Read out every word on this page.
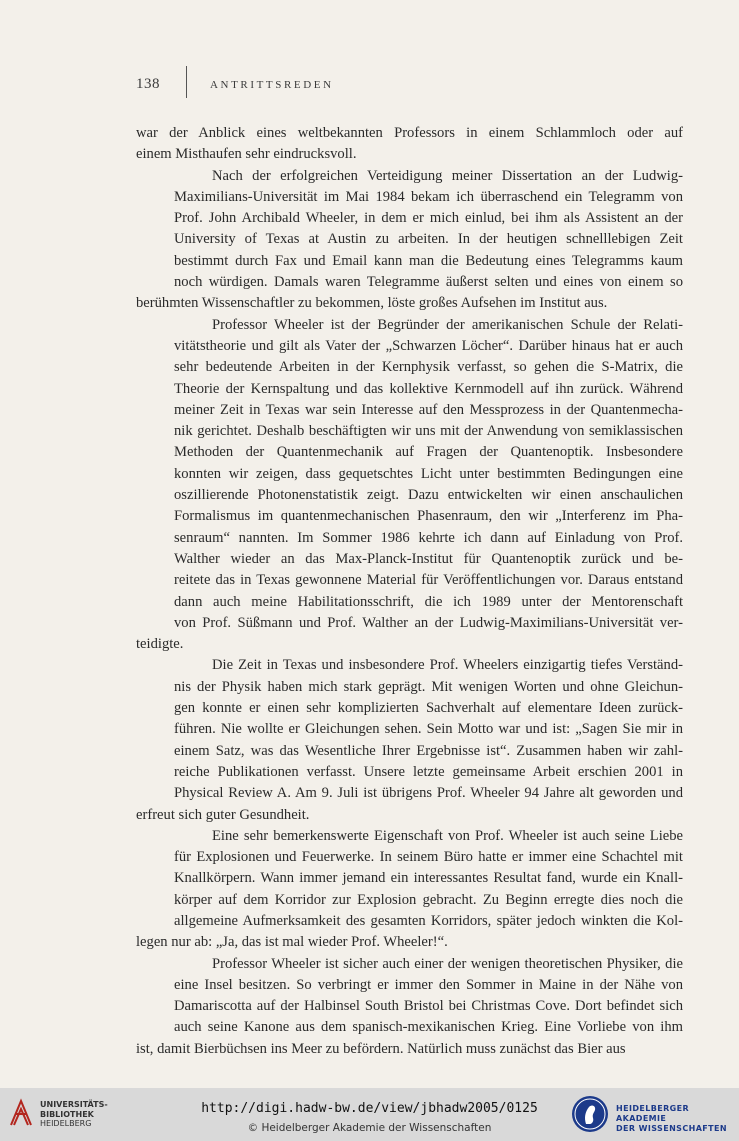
138	ANTRITTSREDEN

war der Anblick eines weltbekannten Professors in einem Schlammloch oder auf
einem Misthaufen sehr eindrucksvoll.

Nach der erfolgreichen Verteidigung meiner Dissertation an der Ludwig-
Maximilians-Universität im Mai 1984 bekam ich überraschend ein Telegramm von
Prof. John Archibald Wheeler, in dem er mich einlud, bei ihm als Assistent an der
University of Texas at Austin zu arbeiten. In der heutigen schnelllebigen Zeit
bestimmt durch Fax und Email kann man die Bedeutung eines Telegramms kaum
noch würdigen. Damals waren Telegramme äußerst selten und eines von einem so
berühmten Wissenschaftler zu bekommen, löste großes Aufsehen im Institut aus.

Professor Wheeler ist der Begründer der amerikanischen Schule der Relati-
vitätstheorie und gilt als Vater der „Schwarzen Löcher“. Darüber hinaus hat er auch
sehr bedeutende Arbeiten in der Kernphysik verfasst, so gehen die S-Matrix, die
Theorie der Kernspaltung und das kollektive Kernmodell auf ihn zurück. Während
meiner Zeit in Texas war sein Interesse auf den Messprozess in der Quantenmecha-
nik gerichtet. Deshalb beschäftigten wir uns mit der Anwendung von semiklassischen
Methoden der Quantenmechanik auf Fragen der Quantenoptik. Insbesondere
konnten wir zeigen, dass gequetschtes Licht unter bestimmten Bedingungen eine
oszillierende Photonenstatistik zeigt. Dazu entwickelten wir einen anschaulichen
Formalismus im quantenmechanischen Phasenraum, den wir „Interferenz im Pha-
senraum“ nannten. Im Sommer 1986 kehrte ich dann auf Einladung von Prof.
Walther wieder an das Max-Planck-Institut für Quantenoptik zurück und be-
reitete das in Texas gewonnene Material für Veröffentlichungen vor. Daraus entstand
dann auch meine Habilitationsschrift, die ich 1989 unter der Mentorenschaft
von Prof. Süßmann und Prof. Walther an der Ludwig-Maximilians-Universität ver-
teidigte.

Die Zeit in Texas und insbesondere Prof. Wheelers einzigartig tiefes Verständ-
nis der Physik haben mich stark geprägt. Mit wenigen Worten und ohne Gleichun-
gen konnte er einen sehr komplizierten Sachverhalt auf elementare Ideen zurück-
führen. Nie wollte er Gleichungen sehen. Sein Motto war und ist: „Sagen Sie mir in
einem Satz, was das Wesentliche Ihrer Ergebnisse ist“. Zusammen haben wir zahl-
reiche Publikationen verfasst. Unsere letzte gemeinsame Arbeit erschien 2001 in
Physical Review A. Am 9. Juli ist übrigens Prof. Wheeler 94 Jahre alt geworden und
erfreut sich guter Gesundheit.

Eine sehr bemerkenswerte Eigenschaft von Prof. Wheeler ist auch seine Liebe
für Explosionen und Feuerwerke. In seinem Büro hatte er immer eine Schachtel mit
Knallkörpern. Wann immer jemand ein interessantes Resultat fand, wurde ein Knall-
körper auf dem Korridor zur Explosion gebracht. Zu Beginn erregte dies noch die
allgemeine Aufmerksamkeit des gesamten Korridors, später jedoch winkten die Kol-
legen nur ab: „Ja, das ist mal wieder Prof. Wheeler!“.

Professor Wheeler ist sicher auch einer der wenigen theoretischen Physiker, die
eine Insel besitzen. So verbringt er immer den Sommer in Maine in der Nähe von
Damariscotta auf der Halbinsel South Bristol bei Christmas Cove. Dort befindet sich
auch seine Kanone aus dem spanisch-mexikanischen Krieg. Eine Vorliebe von ihm
ist, damit Bierbüchsen ins Meer zu befördern. Natürlich muss zunächst das Bier aus

UNIVERSITÄTS-
BIBLIOTHEK
HEIDELBERG
http://digi.hadw-bw.de/view/jbhadw2005/0125
© Heidelberger Akademie der Wissenschaften
HEIDELBERGER AKADEMIE
DER WISSENSCHAFTEN
